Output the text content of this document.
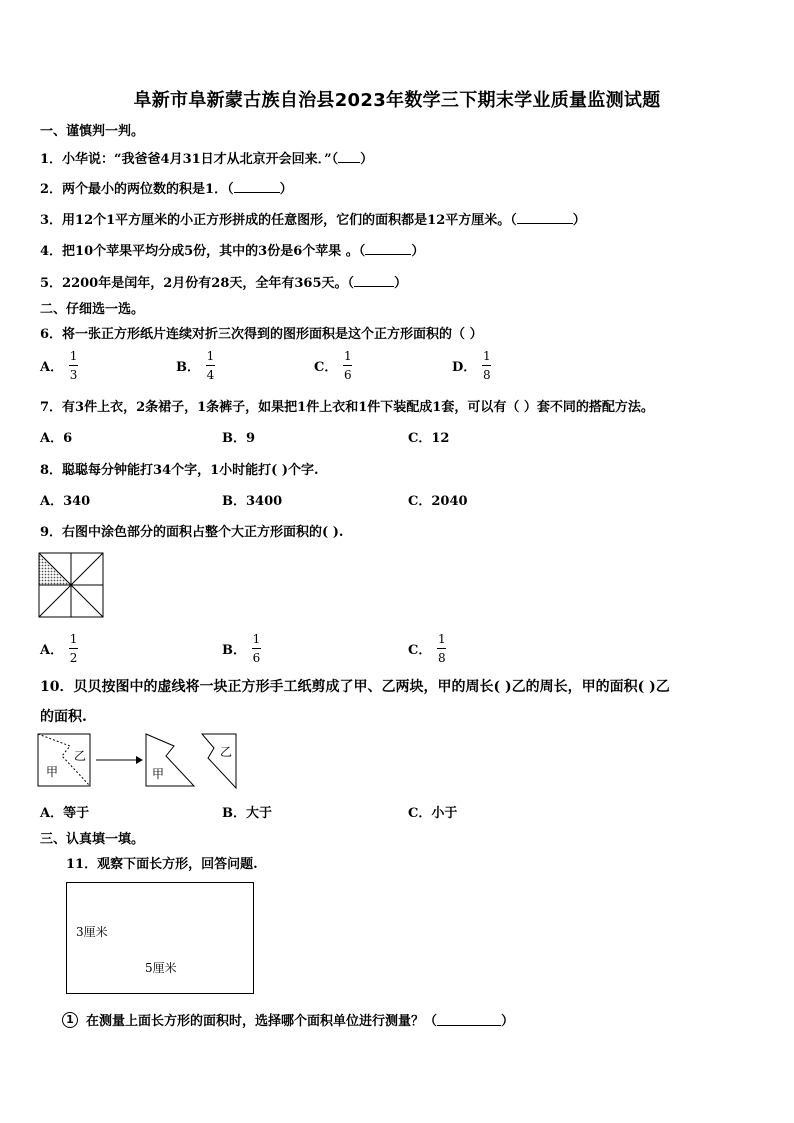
阜新市阜新蒙古族自治县2023年数学三下期末学业质量监测试题
一、谨慎判一判。
1．小华说：“我爸爸4月31日才从北京开会回来．”（ ）
2．两个最小的两位数的积是1．（	）
3．用12个1平方厘米的小正方形拼成的任意图形，它们的面积都是12平方厘米。（	）
4．把10个苹果平均分成5份，其中的3份是6个苹果 。（	）
5．2200年是闰年，2月份有28天，全年有365天。（	）
二、仔细选一选。
6．将一张正方形纸片连续对折三次得到的图形面积是这个正方形面积的（ ）
A． $\frac{1}{3}$	B． $\frac{1}{4}$	C． $\frac{1}{6}$	D． $\frac{1}{8}$
7．有3件上衣，2条裙子，1条裤子，如果把1件上衣和1件下装配成1套，可以有（ ）套不同的搭配方法。
A．6	B．9	C．12
8．聪聪每分钟能打34个字，1小时能打( )个字.
A．340	B．3400	C．2040
9．右图中涂色部分的面积占整个大正方形面积的( ).
A． $\frac{1}{2}$	B． $\frac{1}{6}$	C． $\frac{1}{8}$
10．贝贝按图中的虚线将一块正方形手工纸剪成了甲、乙两块，甲的周长( )乙的周长，甲的面积( )乙
的面积.
甲
乙
甲
乙
A．等于	B．大于	C．小于
三、认真填一填。
11．观察下面长方形，回答问题.
3厘米
5厘米
1 在测量上面长方形的面积时，选择哪个面积单位进行测量？（	）
